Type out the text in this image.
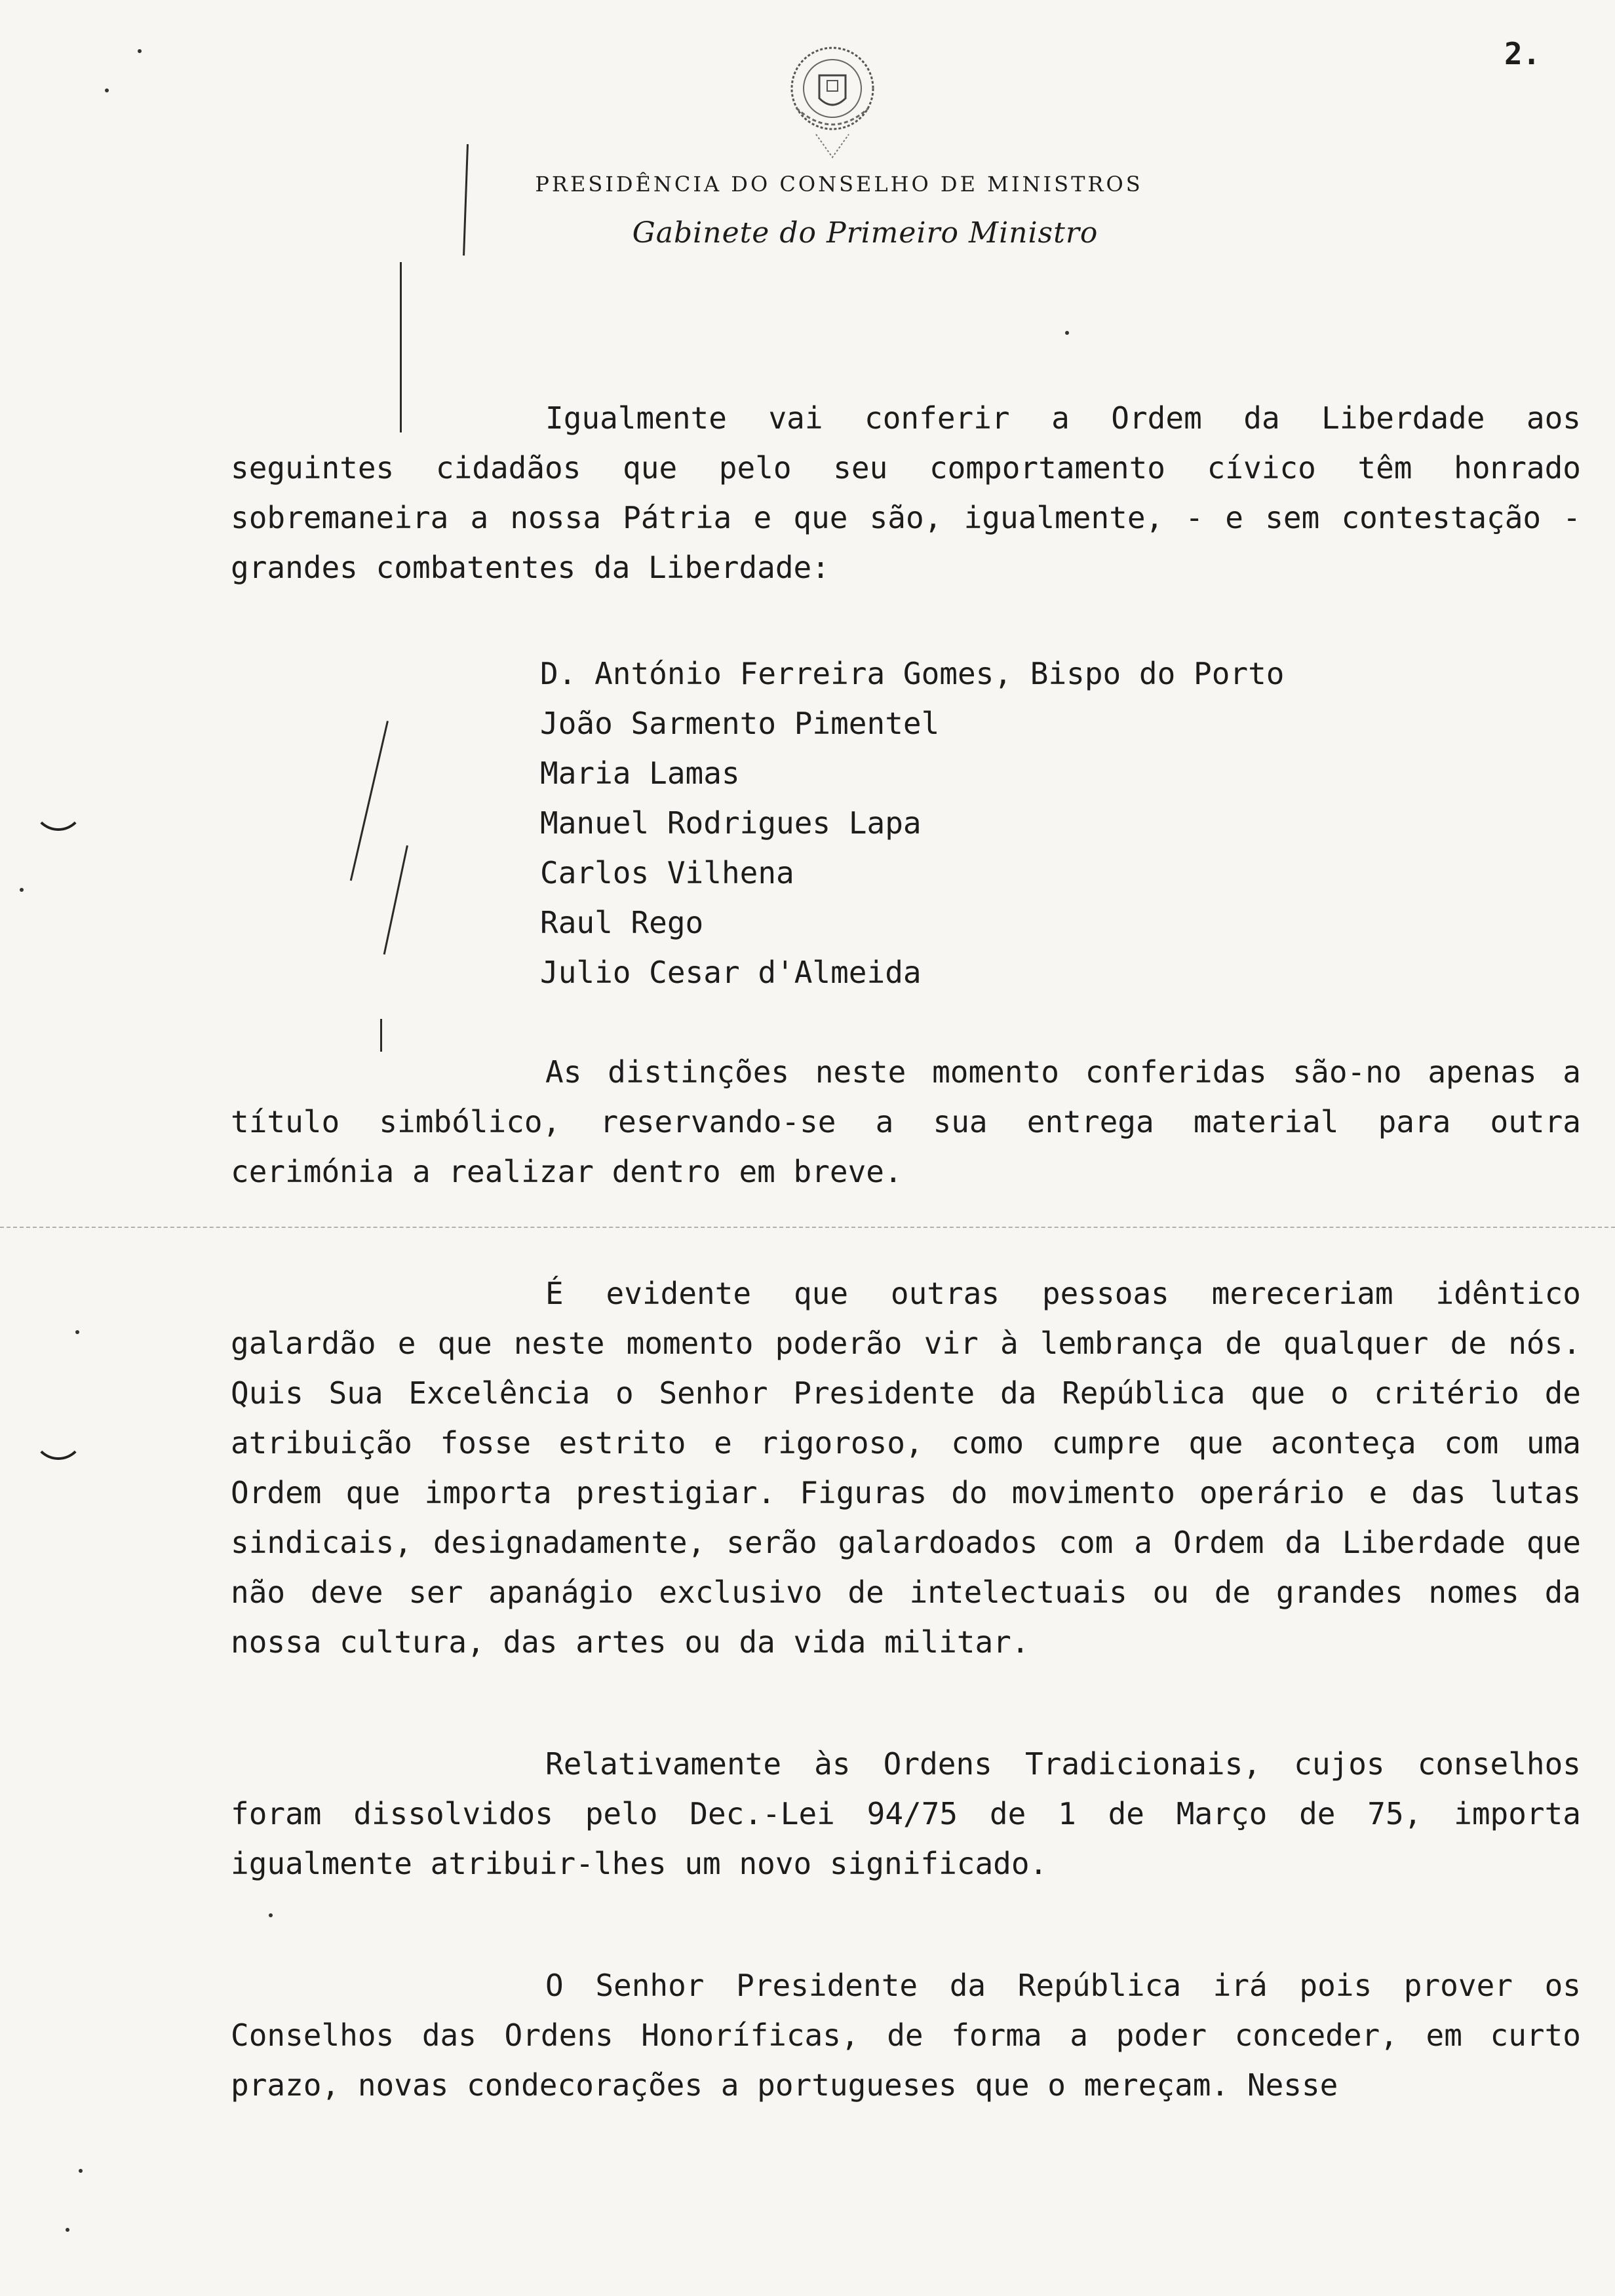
2.
PRESIDÊNCIA DO CONSELHO DE MINISTROS
Gabinete do Primeiro Ministro

Igualmente vai conferir a Ordem da Liberdade aos seguintes cidadãos que pelo seu comportamento cívico têm honrado sobremaneira a nossa Pátria e que são, igualmente, - e sem contestação - grandes combatentes da Liberdade:

D. António Ferreira Gomes, Bispo do Porto
João Sarmento Pimentel
Maria Lamas
Manuel Rodrigues Lapa
Carlos Vilhena
Raul Rego
Julio Cesar d'Almeida

As distinções neste momento conferidas são-no apenas a título simbólico, reservando-se a sua entrega material para outra cerimónia a realizar dentro em breve.

É evidente que outras pessoas mereceriam idêntico galardão e que neste momento poderão vir à lembrança de qualquer de nós. Quis Sua Excelência o Senhor Presidente da República que o critério de atribuição fosse estrito e rigoroso, como cumpre que aconteça com uma Ordem que importa prestigiar. Figuras do movimento operário e das lutas sindicais, designadamente, serão galardoados com a Ordem da Liberdade que não deve ser apanágio exclusivo de intelectuais ou de grandes nomes da nossa cultura, das artes ou da vida militar.

Relativamente às Ordens Tradicionais, cujos conselhos foram dissolvidos pelo Dec.-Lei 94/75 de 1 de Março de 75, importa igualmente atribuir-lhes um novo significado.

O Senhor Presidente da República irá pois prover os Conselhos das Ordens Honoríficas, de forma a poder conceder, em curto prazo, novas condecorações a portugueses que o mereçam. Nesse
